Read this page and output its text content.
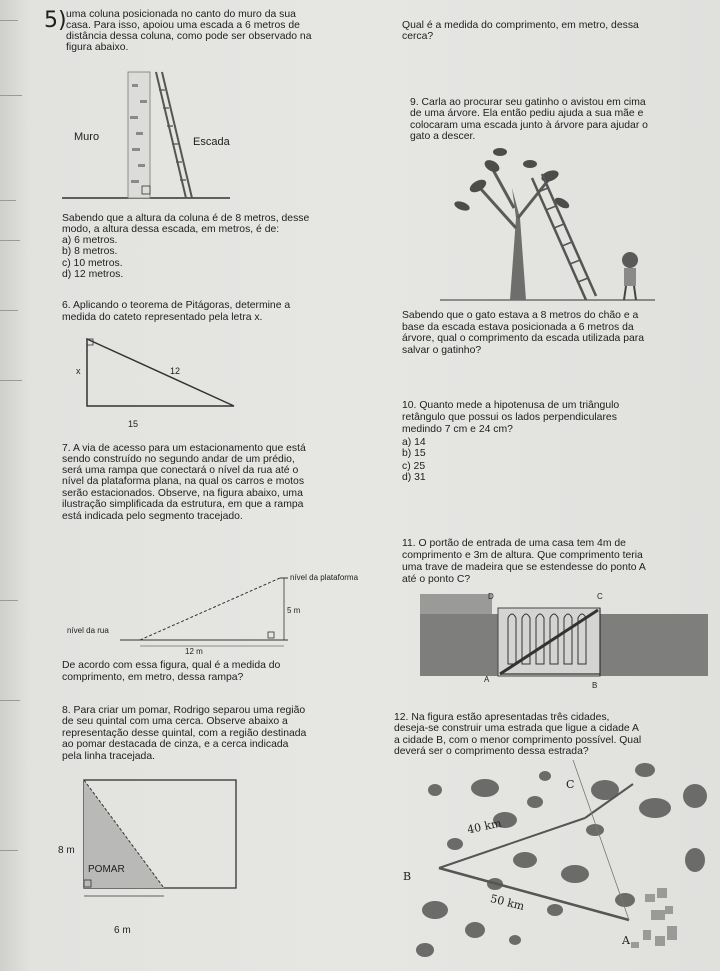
5) uma coluna posicionada no canto do muro da sua
casa. Para isso, apoiou uma escada a 6 metros de
distância dessa coluna, como pode ser observado na
figura abaixo.
Muro	Escada
Sabendo que a altura da coluna é de 8 metros, desse
modo, a altura dessa escada, em metros, é de:
a) 6 metros.
b) 8 metros.
c) 10 metros.
d) 12 metros.
6. Aplicando o teorema de Pitágoras, determine a
medida do cateto representado pela letra x.
x	12
15
7. A via de acesso para um estacionamento que está
sendo construído no segundo andar de um prédio,
será uma rampa que conectará o nível da rua até o
nível da plataforma plana, na qual os carros e motos
serão estacionados. Observe, na figura abaixo, uma
ilustração simplificada da estrutura, em que a rampa
está indicada pelo segmento tracejado.
nível da plataforma
5 m
nível da rua
12 m
De acordo com essa figura, qual é a medida do
comprimento, em metro, dessa rampa?
8. Para criar um pomar, Rodrigo separou uma região
de seu quintal com uma cerca. Observe abaixo a
representação desse quintal, com a região destinada
ao pomar destacada de cinza, e a cerca indicada
pela linha tracejada.
8 m
POMAR
6 m
Qual é a medida do comprimento, em metro, dessa
cerca?
9. Carla ao procurar seu gatinho o avistou em cima
de uma árvore. Ela então pediu ajuda a sua mãe e
colocaram uma escada junto à árvore para ajudar o
gato a descer.
Sabendo que o gato estava a 8 metros do chão e a
base da escada estava posicionada a 6 metros da
árvore, qual o comprimento da escada utilizada para
salvar o gatinho?
10. Quanto mede a hipotenusa de um triângulo
retângulo que possui os lados perpendiculares
medindo 7 cm e 24 cm?
a) 14
b) 15
c) 25
d) 31
11. O portão de entrada de uma casa tem 4m de
comprimento e 3m de altura. Que comprimento teria
uma trave de madeira que se estendesse do ponto A
até o ponto C?
D	C
A
B
12. Na figura estão apresentadas três cidades,
deseja-se construir uma estrada que ligue a cidade A
a cidade B, com o menor comprimento possível. Qual
deverá ser o comprimento dessa estrada?
C
40 km
B
50 km
A
